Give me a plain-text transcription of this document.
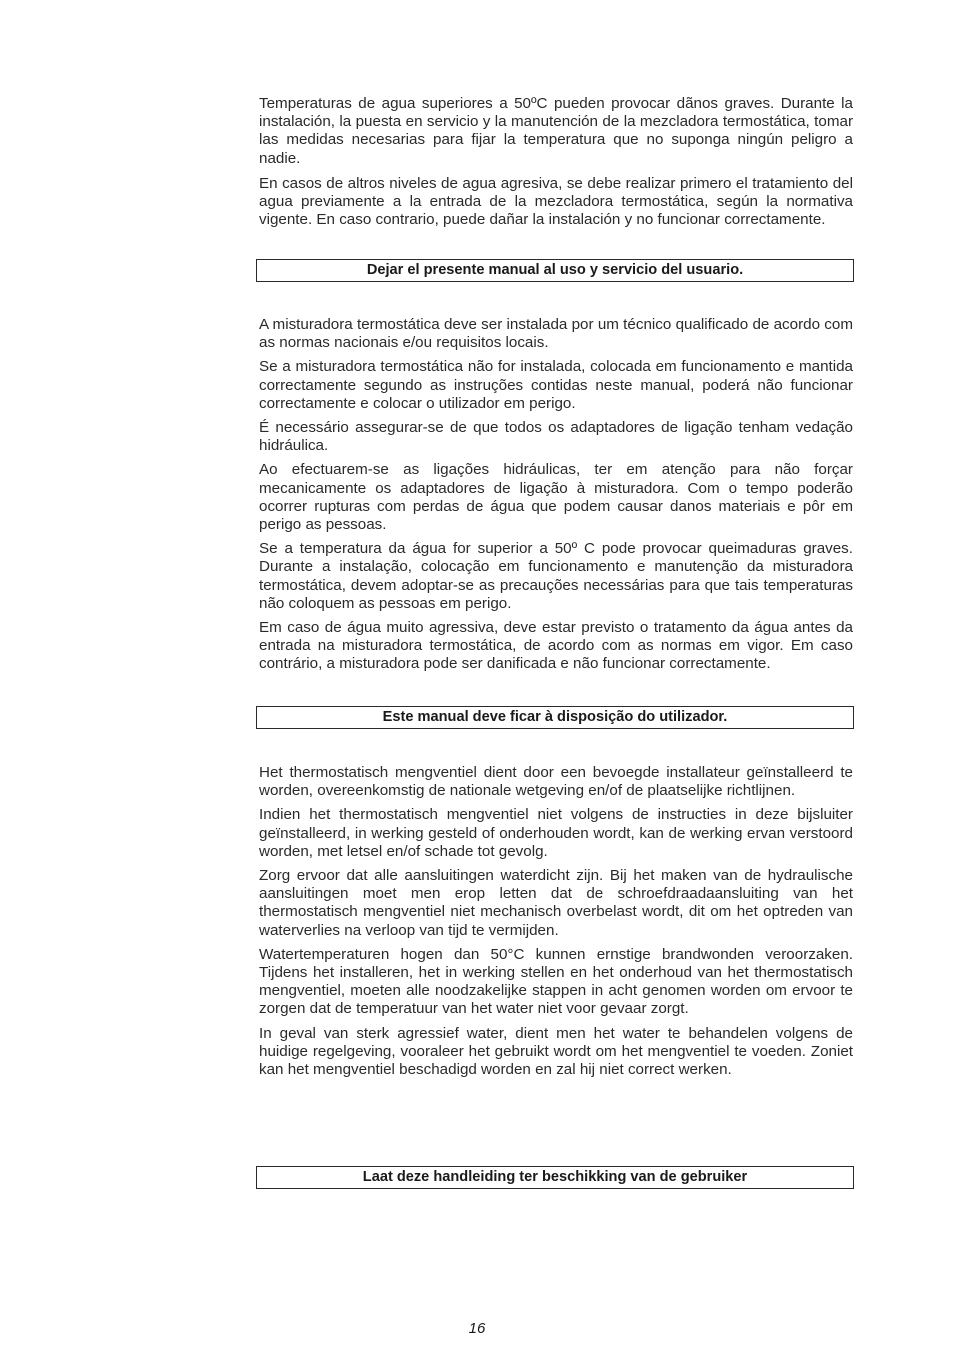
Temperaturas de agua superiores a 50ºC pueden provocar dãnos graves. Durante la instalación, la puesta en servicio y la manutención de la mezcladora termostática, tomar las medidas necesarias para fijar la temperatura que no suponga ningún peligro a nadie.

En casos de altros niveles de agua agresiva, se debe realizar primero el tratamiento del agua previamente a la entrada de la mezcladora termostática, según la normativa vigente. En caso contrario, puede dañar la instalación y no funcionar correctamente.

Dejar el presente manual al uso y servicio del usuario.

A misturadora termostática deve ser instalada por um técnico qualificado de acordo com as normas nacionais e/ou requisitos locais.

Se a misturadora termostática não for instalada, colocada em funcionamento e mantida correctamente segundo as instruções contidas neste manual, poderá não funcionar correctamente e colocar o utilizador em perigo.

É necessário assegurar-se de que todos os adaptadores de ligação tenham vedação hidráulica.

Ao efectuarem-se as ligações hidráulicas, ter em atenção para não forçar mecanicamente os adaptadores de ligação à misturadora. Com o tempo poderão ocorrer rupturas com perdas de água que podem causar danos materiais e pôr em perigo as pessoas.

Se a temperatura da água for superior a 50º C pode provocar queimaduras graves. Durante a instalação, colocação em funcionamento e manutenção da misturadora termostática, devem adoptar-se as precauções necessárias para que tais temperaturas não coloquem as pessoas em perigo.

Em caso de água muito agressiva, deve estar previsto o tratamento da água antes da entrada na misturadora termostática, de acordo com as normas em vigor. Em caso contrário, a misturadora pode ser danificada e não funcionar correctamente.

Este manual deve ficar à disposição do utilizador.

Het thermostatisch mengventiel dient door een bevoegde installateur geïnstalleerd te worden, overeenkomstig de nationale wetgeving en/of de plaatselijke richtlijnen.

Indien het thermostatisch mengventiel niet volgens de instructies in deze bijsluiter geïnstalleerd, in werking gesteld of onderhouden wordt, kan de werking ervan verstoord worden, met letsel en/of schade tot gevolg.

Zorg ervoor dat alle aansluitingen waterdicht zijn. Bij het maken van de hydraulische aansluitingen moet men erop letten dat de schroefdraadaansluiting van het thermostatisch mengventiel niet mechanisch overbelast wordt, dit om het optreden van waterverlies na verloop van tijd te vermijden.

Watertemperaturen hogen dan 50°C kunnen ernstige brandwonden veroorzaken. Tijdens het installeren, het in werking stellen en het onderhoud van het thermostatisch mengventiel, moeten alle noodzakelijke stappen in acht genomen worden om ervoor te zorgen dat de temperatuur van het water niet voor gevaar zorgt.

In geval van sterk agressief water, dient men het water te behandelen volgens de huidige regelgeving, vooraleer het gebruikt wordt om het mengventiel te voeden. Zoniet kan het mengventiel beschadigd worden en zal hij niet correct werken.

Laat deze handleiding ter beschikking van de gebruiker
16
